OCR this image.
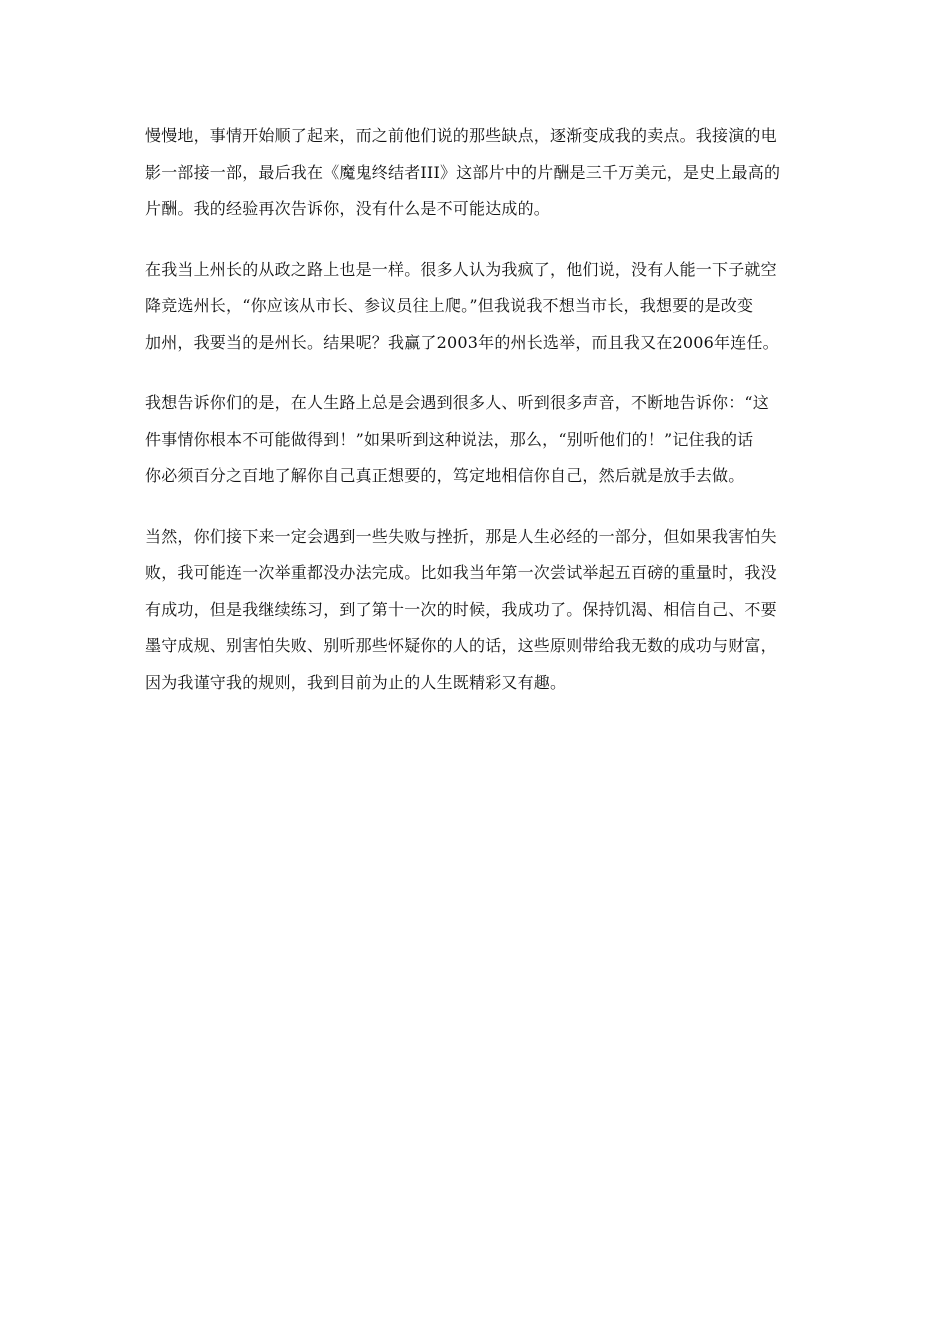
慢慢地，事情开始顺了起来，而之前他们说的那些缺点，逐渐变成我的卖点。我接演的电
影一部接一部，最后我在《魔鬼终结者III》这部片中的片酬是三千万美元，是史上最高的
片酬。我的经验再次告诉你，没有什么是不可能达成的。
在我当上州长的从政之路上也是一样。很多人认为我疯了，他们说，没有人能一下子就空
降竞选州长，“你应该从市长、参议员往上爬。”但我说我不想当市长，我想要的是改变
加州，我要当的是州长。结果呢？我赢了2003年的州长选举，而且我又在2006年连任。
我想告诉你们的是，在人生路上总是会遇到很多人、听到很多声音，不断地告诉你：“这
件事情你根本不可能做得到！”如果听到这种说法，那么，“别听他们的！”记住我的话
你必须百分之百地了解你自己真正想要的，笃定地相信你自己，然后就是放手去做。
当然，你们接下来一定会遇到一些失败与挫折，那是人生必经的一部分，但如果我害怕失
败，我可能连一次举重都没办法完成。比如我当年第一次尝试举起五百磅的重量时，我没
有成功，但是我继续练习，到了第十一次的时候，我成功了。保持饥渴、相信自己、不要
墨守成规、别害怕失败、别听那些怀疑你的人的话，这些原则带给我无数的成功与财富，
因为我谨守我的规则，我到目前为止的人生既精彩又有趣。
